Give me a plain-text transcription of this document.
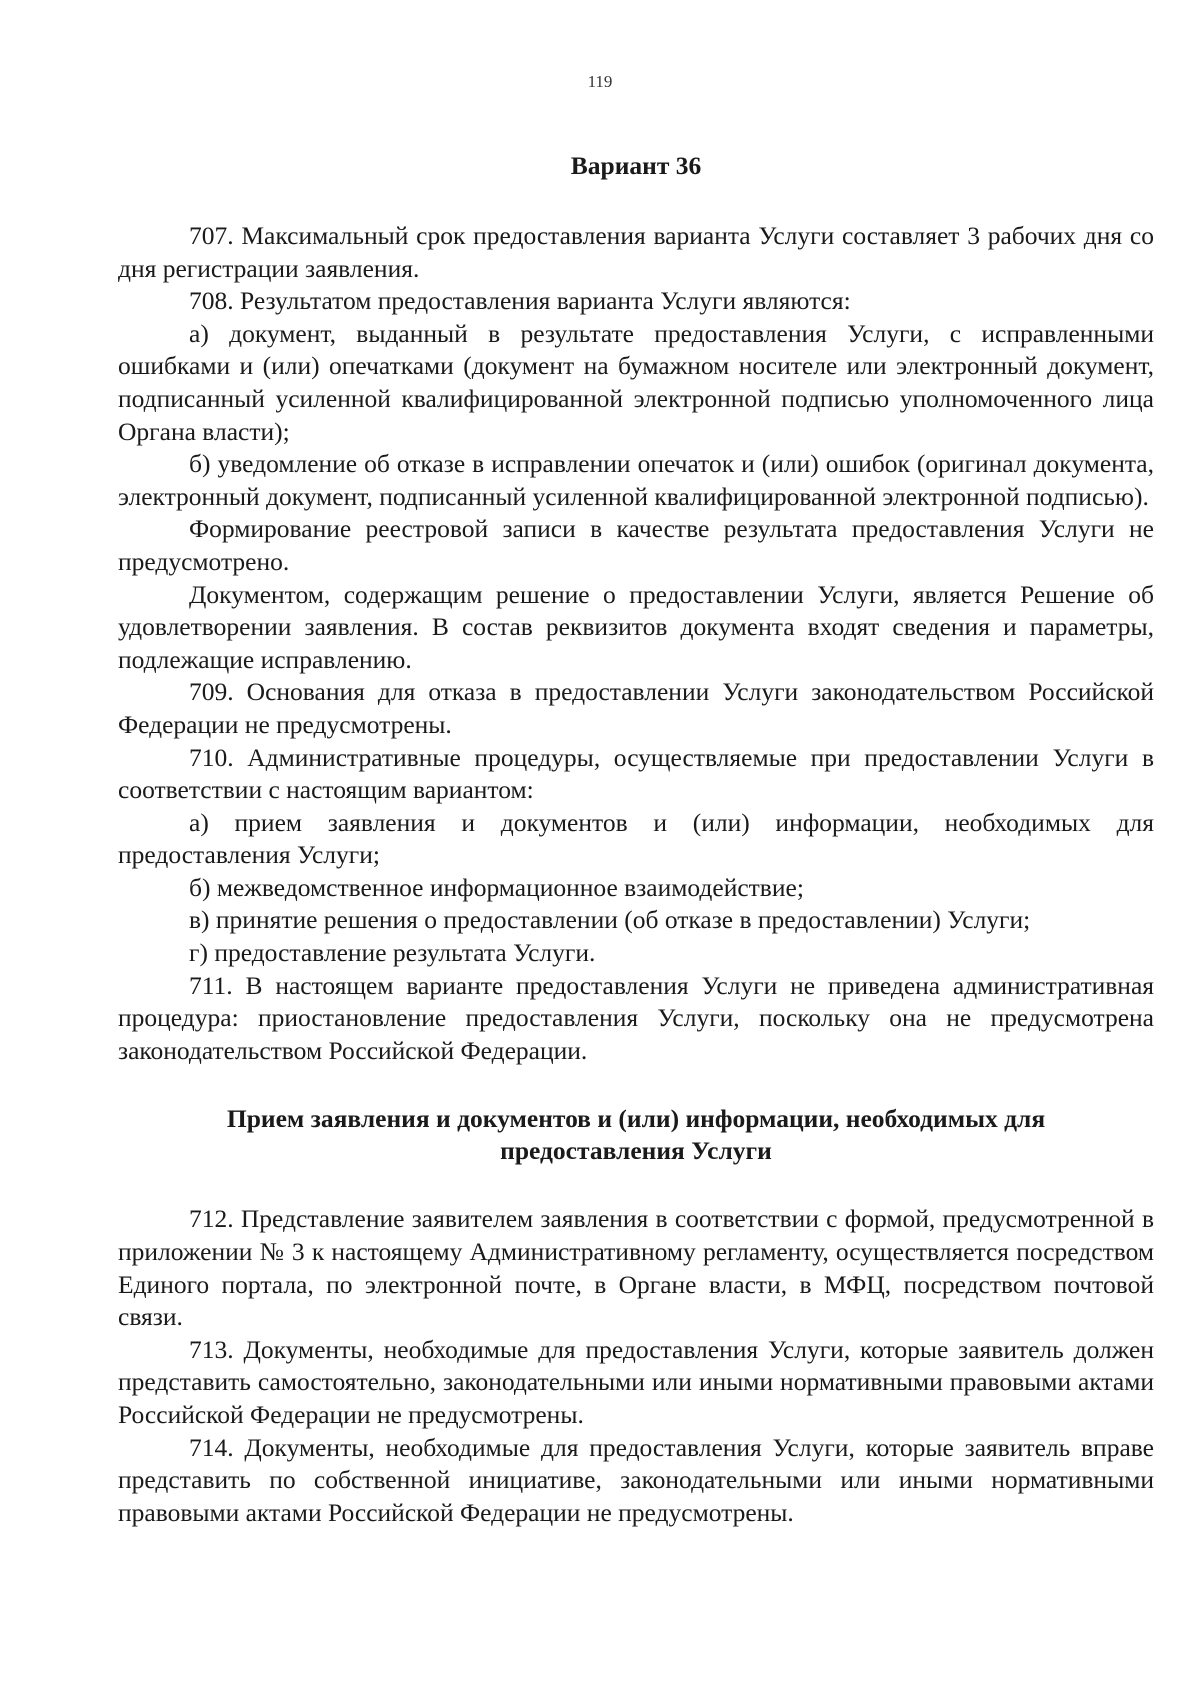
119
Вариант 36

707. Максимальный срок предоставления варианта Услуги составляет 3 рабочих дня со дня регистрации заявления.

708. Результатом предоставления варианта Услуги являются:

а) документ, выданный в результате предоставления Услуги, с исправленными ошибками и (или) опечатками (документ на бумажном носителе или электронный документ, подписанный усиленной квалифицированной электронной подписью уполномоченного лица Органа власти);

б) уведомление об отказе в исправлении опечаток и (или) ошибок (оригинал документа, электронный документ, подписанный усиленной квалифицированной электронной подписью).

Формирование реестровой записи в качестве результата предоставления Услуги не предусмотрено.

Документом, содержащим решение о предоставлении Услуги, является Решение об удовлетворении заявления. В состав реквизитов документа входят сведения и параметры, подлежащие исправлению.

709. Основания для отказа в предоставлении Услуги законодательством Российской Федерации не предусмотрены.

710. Административные процедуры, осуществляемые при предоставлении Услуги в соответствии с настоящим вариантом:

а) прием заявления и документов и (или) информации, необходимых для предоставления Услуги;

б) межведомственное информационное взаимодействие;

в) принятие решения о предоставлении (об отказе в предоставлении) Услуги;

г) предоставление результата Услуги.

711. В настоящем варианте предоставления Услуги не приведена административная процедура: приостановление предоставления Услуги, поскольку она не предусмотрена законодательством Российской Федерации.

Прием заявления и документов и (или) информации, необходимых для
предоставления Услуги

712. Представление заявителем заявления в соответствии с формой, предусмотренной в приложении № 3 к настоящему Административному регламенту, осуществляется посредством Единого портала, по электронной почте, в Органе власти, в МФЦ, посредством почтовой связи.

713. Документы, необходимые для предоставления Услуги, которые заявитель должен представить самостоятельно, законодательными или иными нормативными правовыми актами Российской Федерации не предусмотрены.

714. Документы, необходимые для предоставления Услуги, которые заявитель вправе представить по собственной инициативе, законодательными или иными нормативными правовыми актами Российской Федерации не предусмотрены.
